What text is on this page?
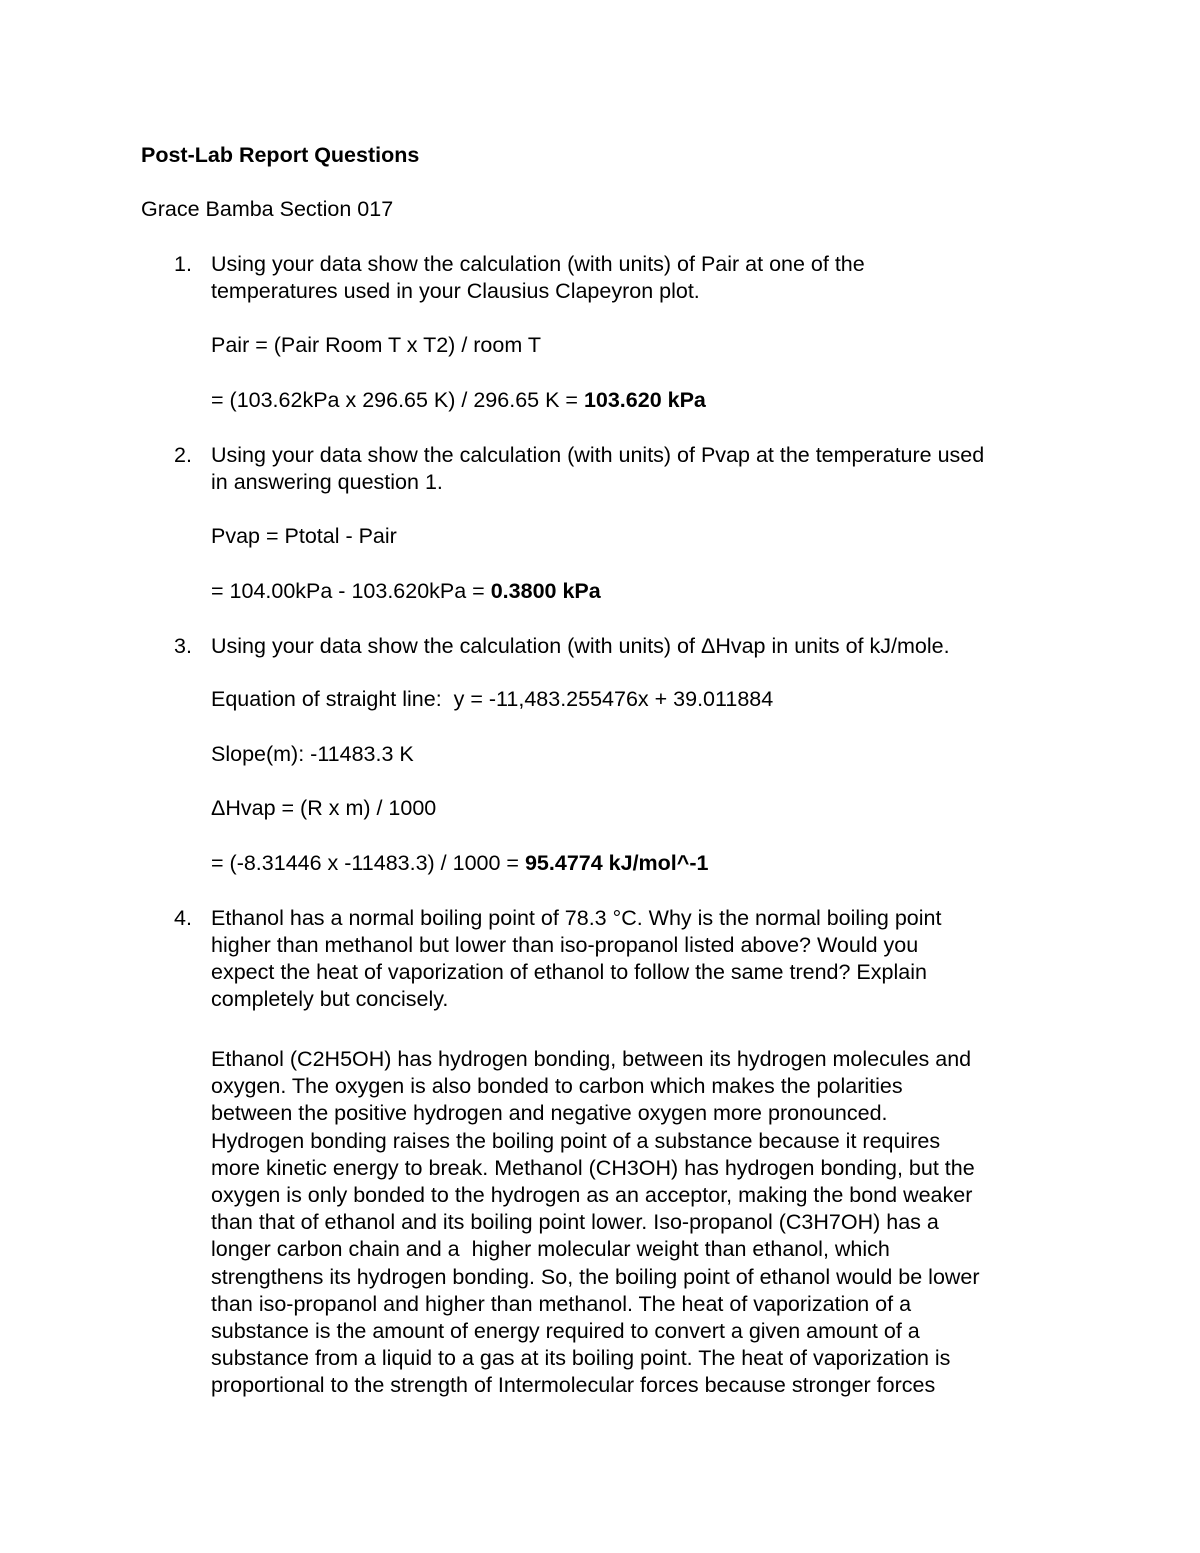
Post-Lab Report Questions
Grace Bamba Section 017
1. Using your data show the calculation (with units) of Pair at one of the
temperatures used in your Clausius Clapeyron plot.
Pair = (Pair Room T x T2) / room T
= (103.62kPa x 296.65 K) / 296.65 K = 103.620 kPa
2. Using your data show the calculation (with units) of Pvap at the temperature used
in answering question 1.
Pvap = Ptotal - Pair
= 104.00kPa - 103.620kPa = 0.3800 kPa
3. Using your data show the calculation (with units) of ΔHvap in units of kJ/mole.
Equation of straight line:  y = -11,483.255476x + 39.011884
Slope(m): -11483.3 K
ΔHvap = (R x m) / 1000
= (-8.31446 x -11483.3) / 1000 = 95.4774 kJ/mol^-1
4. Ethanol has a normal boiling point of 78.3 °C. Why is the normal boiling point
higher than methanol but lower than iso-propanol listed above? Would you
expect the heat of vaporization of ethanol to follow the same trend? Explain
completely but concisely.
Ethanol (C2H5OH) has hydrogen bonding, between its hydrogen molecules and
oxygen. The oxygen is also bonded to carbon which makes the polarities
between the positive hydrogen and negative oxygen more pronounced.
Hydrogen bonding raises the boiling point of a substance because it requires
more kinetic energy to break. Methanol (CH3OH) has hydrogen bonding, but the
oxygen is only bonded to the hydrogen as an acceptor, making the bond weaker
than that of ethanol and its boiling point lower. Iso-propanol (C3H7OH) has a
longer carbon chain and a  higher molecular weight than ethanol, which
strengthens its hydrogen bonding. So, the boiling point of ethanol would be lower
than iso-propanol and higher than methanol. The heat of vaporization of a
substance is the amount of energy required to convert a given amount of a
substance from a liquid to a gas at its boiling point. The heat of vaporization is
proportional to the strength of Intermolecular forces because stronger forces
